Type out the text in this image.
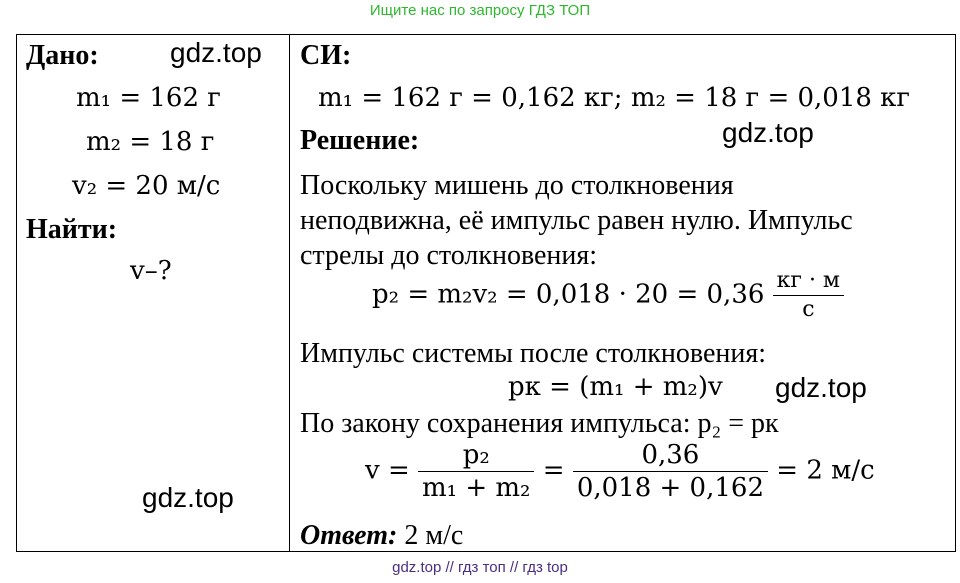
Ищите нас по запросу ГДЗ ТОП
Дано:
m₁ = 162 г
m₂ = 18 г
v₂ = 20 м/с
Найти:
v–?
СИ:
m₁ = 162 г = 0,162 кг; m₂ = 18 г = 0,018 кг
Решение:
Поскольку мишень до столкновения
неподвижна, её импульс равен нулю. Импульс
стрелы до столкновения:
$p_2 = m_2v_2 = 0,018 \cdot 20 = 0,36 \frac{кг \cdot м}{с}$
Импульс системы после столкновения:
pк = (m₁ + m₂)v
По закону сохранения импульса: p₂ = pк
$v = \frac{\text{p₂}}{\text{m₁ + m₂}} = \frac{0,36}{0,018 + 0,162} = 2$ м/с
Ответ: 2 м/с
gdz.top
gdz.top
gdz.top
gdz.top
gdz.top // гдз топ // гдз top
